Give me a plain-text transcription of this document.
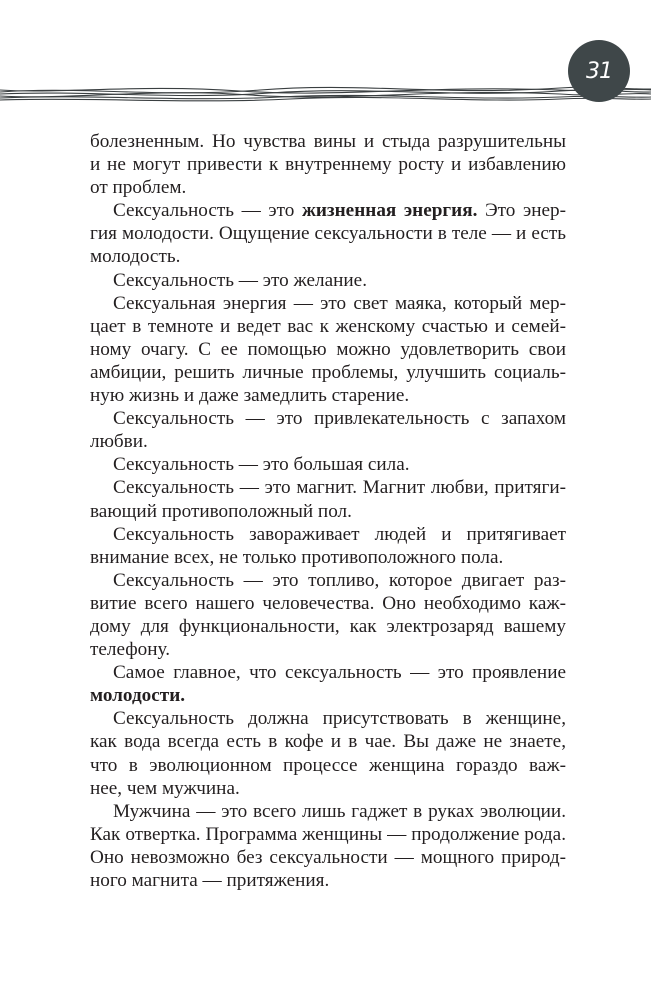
31
болезненным. Но чувства вины и стыда разрушительны
и не могут привести к внутреннему росту и избавлению
от проблем.
Сексуальность — это жизненная энергия. Это энер-
гия молодости. Ощущение сексуальности в теле — и есть
молодость.
Сексуальность — это желание.
Сексуальная энергия — это свет маяка, который мер-
цает в темноте и ведет вас к женскому счастью и семей-
ному очагу. С ее помощью можно удовлетворить свои
амбиции, решить личные проблемы, улучшить социаль-
ную жизнь и даже замедлить старение.
Сексуальность — это привлекательность с запахом
любви.
Сексуальность — это большая сила.
Сексуальность — это магнит. Магнит любви, притяги-
вающий противоположный пол.
Сексуальность завораживает людей и притягивает
внимание всех, не только противоположного пола.
Сексуальность — это топливо, которое двигает раз-
витие всего нашего человечества. Оно необходимо каж-
дому для функциональности, как электрозаряд вашему
телефону.
Самое главное, что сексуальность — это проявление
молодости.
Сексуальность должна присутствовать в женщине,
как вода всегда есть в кофе и в чае. Вы даже не знаете,
что в эволюционном процессе женщина гораздо важ-
нее, чем мужчина.
Мужчина — это всего лишь гаджет в руках эволюции.
Как отвертка. Программа женщины — продолжение рода.
Оно невозможно без сексуальности — мощного природ-
ного магнита — притяжения.
